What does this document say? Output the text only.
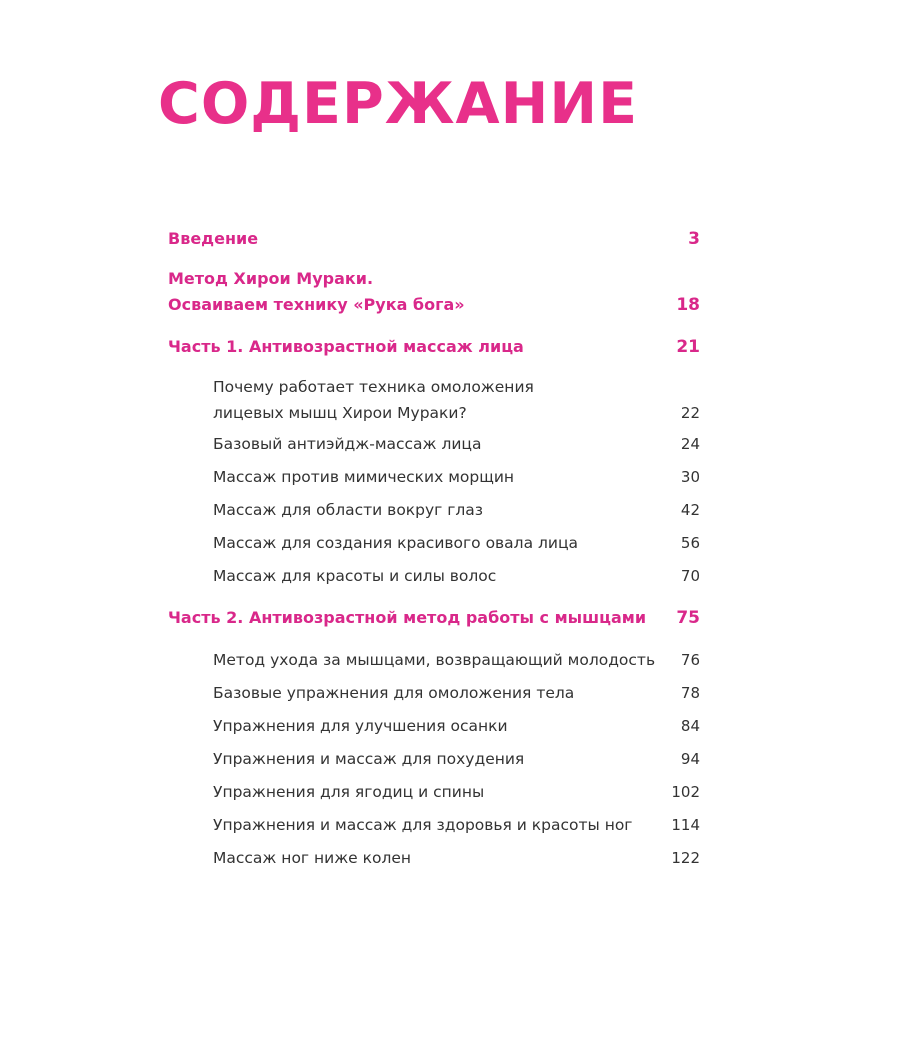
СОДЕРЖАНИЕ
Введение	3
Метод Хирои Мураки.
Осваиваем технику «Рука бога»	18
Часть 1. Антивозрастной массаж лица	21
Почему работает техника омоложения
лицевых мышц Хирои Мураки?	22
Базовый антиэйдж-массаж лица	24
Массаж против мимических морщин	30
Массаж для области вокруг глаз	42
Массаж для создания красивого овала лица	56
Массаж для красоты и силы волос	70
Часть 2. Антивозрастной метод работы с мышцами 75
Метод ухода за мышцами, возвращающий молодость 76
Базовые упражнения для омоложения тела	78
Упражнения для улучшения осанки	84
Упражнения и массаж для похудения	94
Упражнения для ягодиц и спины	102
Упражнения и массаж для здоровья и красоты ног	114
Массаж ног ниже колен	122
